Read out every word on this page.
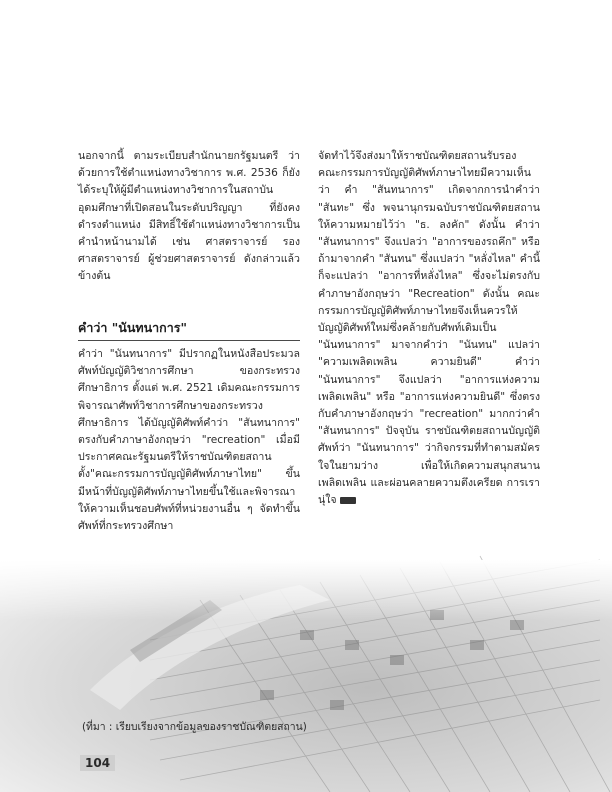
นอกจากนี้ ตามระเบียบสำนักนายกรัฐมนตรี ว่าด้วยการใช้ตำแหน่งทางวิชาการ พ.ศ. 2536 ก็ยังได้ระบุให้ผู้มีตำแหน่งทางวิชาการในสถาบันอุดมศึกษาที่เปิดสอนในระดับปริญญา ที่ยังคงดำรงตำแหน่ง มีสิทธิ์ใช้ตำแหน่งทางวิชาการเป็นคำนำหน้านามได้ เช่น ศาสตราจารย์ รองศาสตราจารย์ ผู้ช่วยศาสตราจารย์ ดังกล่าวแล้วข้างต้น

คำว่า "นันทนาการ"

คำว่า "นันทนาการ" มีปรากฏในหนังสือประมวลศัพท์บัญญัติวิชาการศึกษา ของกระทรวงศึกษาธิการ ตั้งแต่ พ.ศ. 2521 เดิมคณะกรรมการพิจารณาศัพท์วิชาการศึกษาของกระทรวงศึกษาธิการ ได้บัญญัติศัพท์คำว่า "สันทนาการ" ตรงกับคำภาษาอังกฤษว่า "recreation" เมื่อมีประกาศคณะรัฐมนตรีให้ราชบัณฑิตยสถานตั้ง"คณะกรรมการบัญญัติศัพท์ภาษาไทย" ขึ้น มีหน้าที่บัญญัติศัพท์ภาษาไทยขึ้นใช้และพิจารณาให้ความเห็นชอบศัพท์ที่หน่วยงานอื่น ๆ จัดทำขึ้น ศัพท์ที่กระทรวงศึกษา

จัดทำไว้จึงส่งมาให้ราชบัณฑิตยสถานรับรอง คณะกรรมการบัญญัติศัพท์ภาษาไทยมีความเห็นว่า คำ "สันทนาการ" เกิดจากการนำคำว่า "สันทะ" ซึ่ง พจนานุกรมฉบับราชบัณฑิตยสถาน ให้ความหมายไว้ว่า "ธ. ลงคัก" ดังนั้น คำว่า "สันทนาการ" จึงแปลว่า "อาการของรถคึก" หรือถ้ามาจากคำ "สันทน" ซึ่งแปลว่า "หลั่งไหล" คำนี้ก็จะแปลว่า "อาการที่หลั่งไหล" ซึ่งจะไม่ตรงกับคำภาษาอังกฤษว่า "Recreation" ดังนั้น คณะกรรมการบัญญัติศัพท์ภาษาไทยจึงเห็นควรให้บัญญัติศัพท์ใหม่ซึ่งคล้ายกับศัพท์เดิมเป็น "นันทนาการ" มาจากคำว่า "นันทน" แปลว่า "ความเพลิดเพลิน ความยินดี" คำว่า "นันทนาการ" จึงแปลว่า "อาการแห่งความเพลิดเพลิน" หรือ "อาการแห่งความยินดี" ซึ่งตรงกับคำภาษาอังกฤษว่า "recreation" มากกว่าคำ "สันทนาการ" ปัจจุบัน ราชบัณฑิตยสถานบัญญัติศัพท์ว่า "นันทนาการ" ว่ากิจกรรมที่ทำตามสมัครใจในยามว่าง เพื่อให้เกิดความสนุกสนานเพลิดเพลิน และผ่อนคลายความตึงเครียด การเรานุ่ใจ

(ที่มา : เรียบเรียงจากข้อมูลของราชบัณฑิตยสถาน)
104
